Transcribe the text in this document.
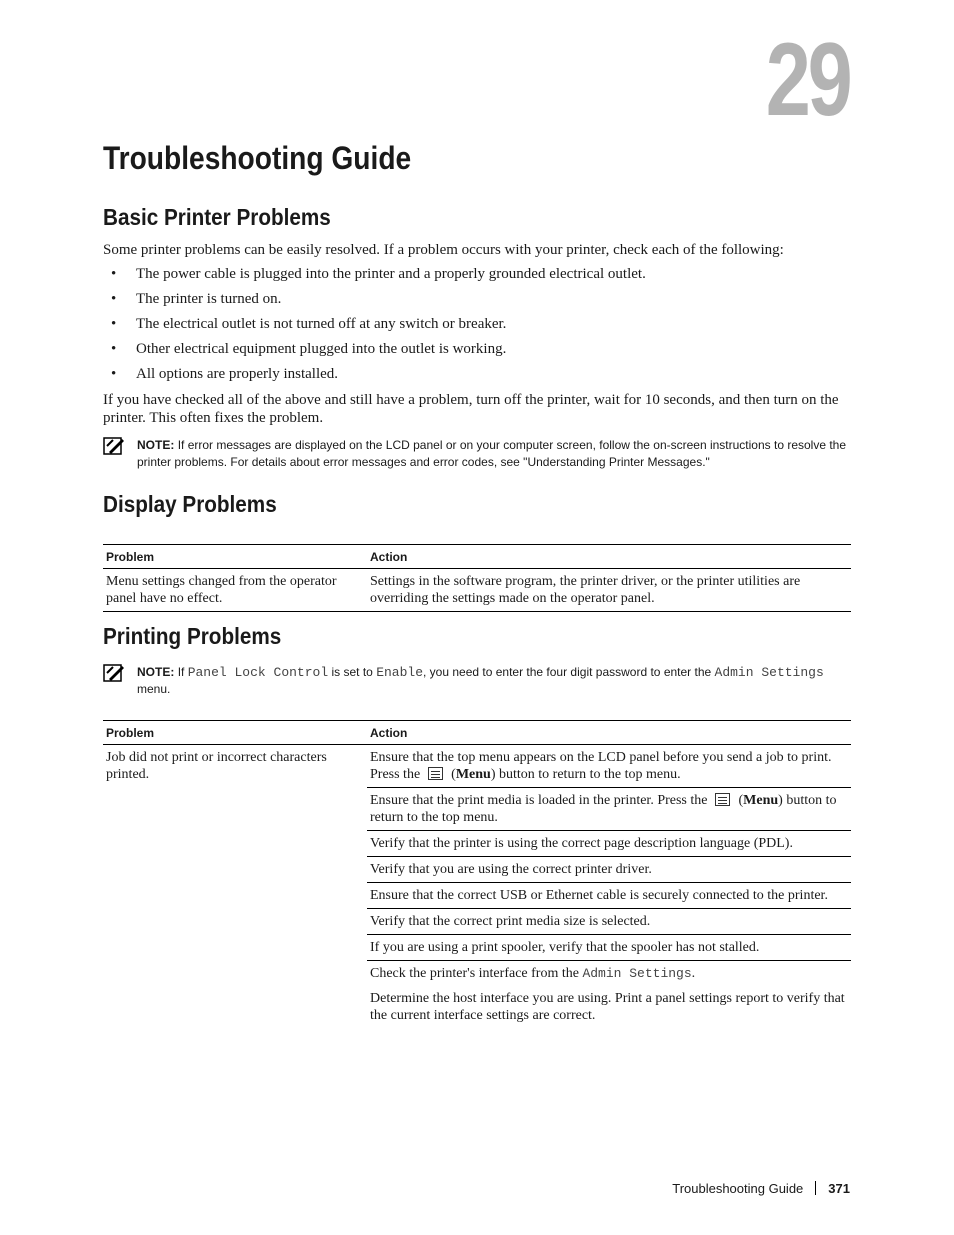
29
Troubleshooting Guide
Basic Printer Problems

Some printer problems can be easily resolved. If a problem occurs with your printer, check each of the following:

• The power cable is plugged into the printer and a properly grounded electrical outlet.
• The printer is turned on.
• The electrical outlet is not turned off at any switch or breaker.
• Other electrical equipment plugged into the outlet is working.
• All options are properly installed.

If you have checked all of the above and still have a problem, turn off the printer, wait for 10 seconds, and then turn on the printer. This often fixes the problem.

NOTE: If error messages are displayed on the LCD panel or on your computer screen, follow the on-screen instructions to resolve the printer problems. For details about error messages and error codes, see "Understanding Printer Messages."
Display Problems
Problem	Action
Menu settings changed from the operator panel have no effect.	Settings in the software program, the printer driver, or the printer utilities are overriding the settings made on the operator panel.
Printing Problems
NOTE: If Panel Lock Control is set to Enable, you need to enter the four digit password to enter the Admin Settings menu.
Problem	Action
Job did not print or incorrect characters printed.	Ensure that the top menu appears on the LCD panel before you send a job to print. Press the (Menu) button to return to the top menu.
	Ensure that the print media is loaded in the printer. Press the (Menu) button to return to the top menu.
	Verify that the printer is using the correct page description language (PDL).
	Verify that you are using the correct printer driver.
	Ensure that the correct USB or Ethernet cable is securely connected to the printer.
	Verify that the correct print media size is selected.
	If you are using a print spooler, verify that the spooler has not stalled.
	Check the printer's interface from the Admin Settings.
	Determine the host interface you are using. Print a panel settings report to verify that the current interface settings are correct.
Troubleshooting Guide 371
